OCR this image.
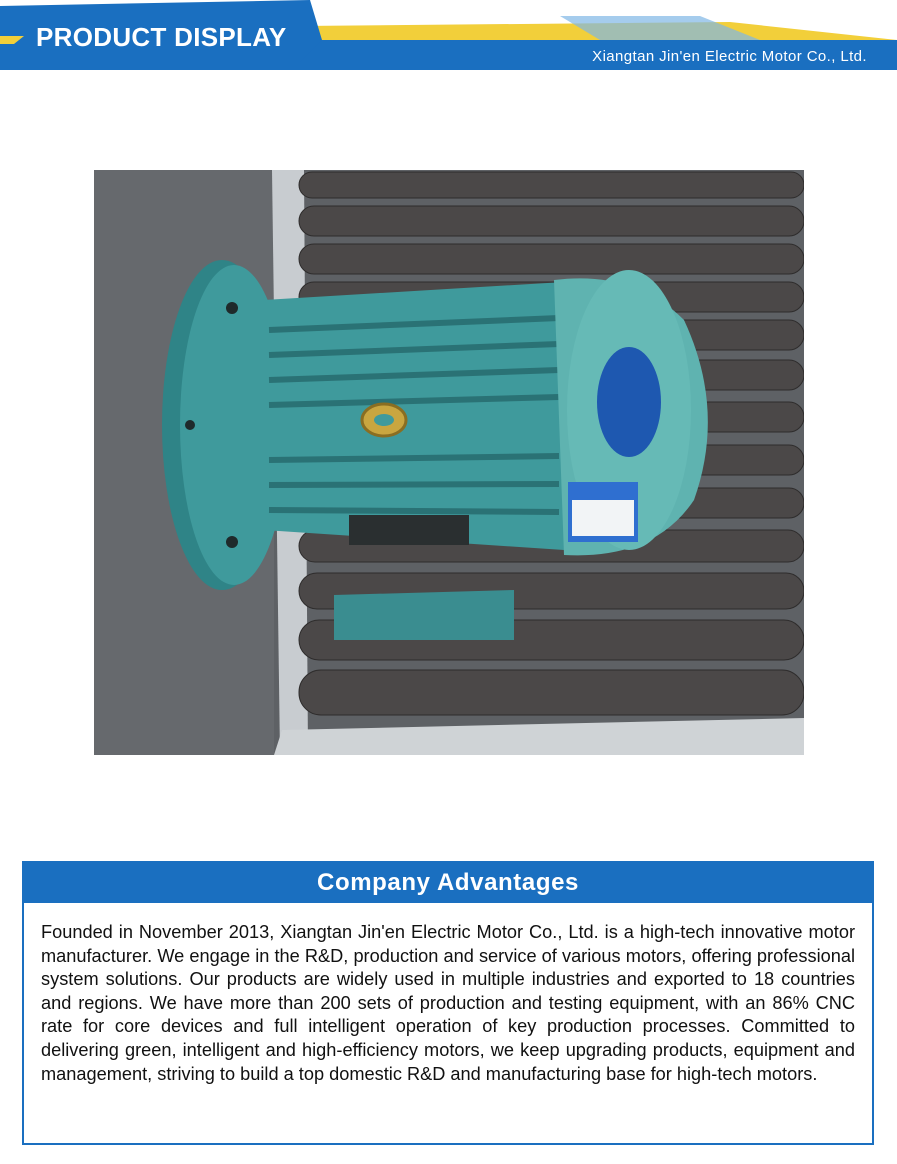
PRODUCT DISPLAY
Xiangtan Jin'en Electric Motor Co., Ltd.
Company Advantages
Founded in November 2013, Xiangtan Jin'en Electric Motor Co., Ltd. is a high-tech innovative motor manufacturer. We engage in the R&D, production and service of various motors, offering professional system solutions. Our products are widely used in multiple industries and exported to 18 countries and regions. We have more than 200 sets of production and testing equipment, with an 86% CNC rate for core devices and full intelligent operation of key production processes. Committed to delivering green, intelligent and high-efficiency motors, we keep upgrading products, equipment and management, striving to build a top domestic R&D and manufacturing base for high-tech motors.
